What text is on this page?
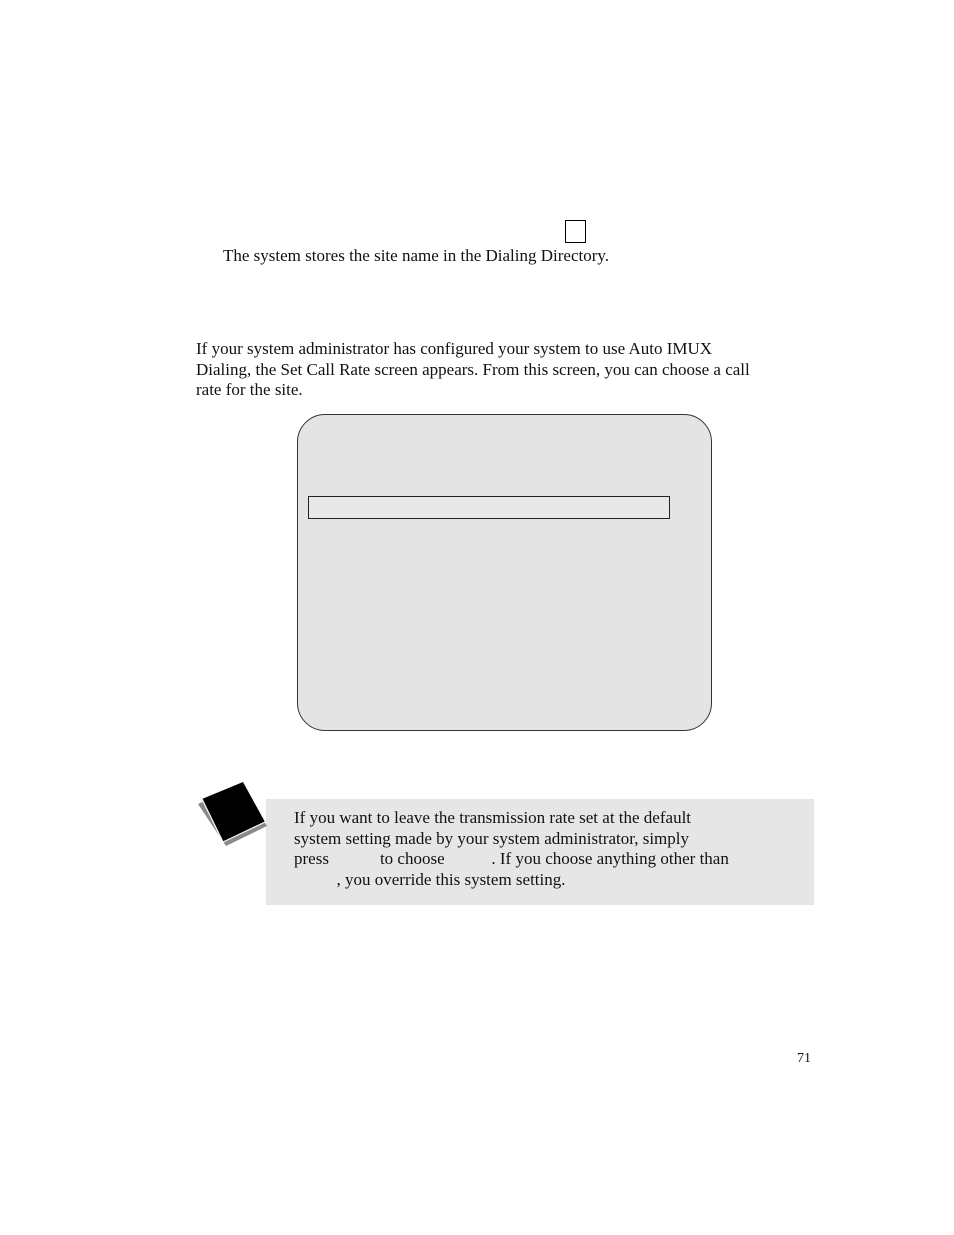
The system stores the site name in the Dialing Directory.
If your system administrator has configured your system to use Auto IMUX
Dialing, the Set Call Rate screen appears. From this screen, you can choose a call
rate for the site.
If you want to leave the transmission rate set at the default
system setting made by your system administrator, simply
press            to choose           . If you choose anything other than
, you override this system setting.
71
